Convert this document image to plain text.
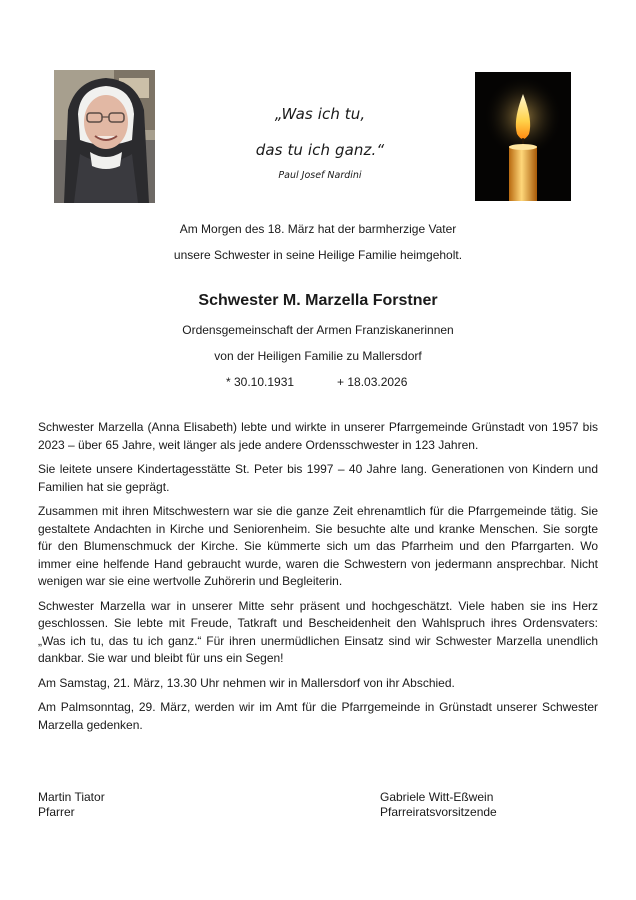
„Was ich tu,
das tu ich ganz.“
Paul Josef Nardini
Am Morgen des 18. März hat der barmherzige Vater
unsere Schwester in seine Heilige Familie heimgeholt.
Schwester M. Marzella Forstner
Ordensgemeinschaft der Armen Franziskanerinnen
von der Heiligen Familie zu Mallersdorf
* 30.10.1931	+ 18.03.2026

Schwester Marzella (Anna Elisabeth) lebte und wirkte in unserer Pfarrgemeinde Grünstadt von 1957 bis 2023 – über 65 Jahre, weit länger als jede andere Ordensschwester in 123 Jahren.

Sie leitete unsere Kindertagesstätte St. Peter bis 1997 – 40 Jahre lang. Generationen von Kindern und Familien hat sie geprägt.

Zusammen mit ihren Mitschwestern war sie die ganze Zeit ehrenamtlich für die Pfarrgemeinde tätig. Sie gestaltete Andachten in Kirche und Seniorenheim. Sie besuchte alte und kranke Menschen. Sie sorgte für den Blumenschmuck der Kirche. Sie kümmerte sich um das Pfarrheim und den Pfarrgarten. Wo immer eine helfende Hand gebraucht wurde, waren die Schwestern von jedermann ansprechbar. Nicht wenigen war sie eine wertvolle Zuhörerin und Begleiterin.

Schwester Marzella war in unserer Mitte sehr präsent und hochgeschätzt. Viele haben sie ins Herz geschlossen. Sie lebte mit Freude, Tatkraft und Bescheidenheit den Wahlspruch ihres Ordensvaters: „Was ich tu, das tu ich ganz.“ Für ihren unermüdlichen Einsatz sind wir Schwester Marzella unendlich dankbar. Sie war und bleibt für uns ein Segen!

Am Samstag, 21. März, 13.30 Uhr nehmen wir in Mallersdorf von ihr Abschied.

Am Palmsonntag, 29. März, werden wir im Amt für die Pfarrgemeinde in Grünstadt unserer Schwester Marzella gedenken.

Martin Tiator
Pfarrer
Gabriele Witt-Eßwein
Pfarreiratsvorsitzende
